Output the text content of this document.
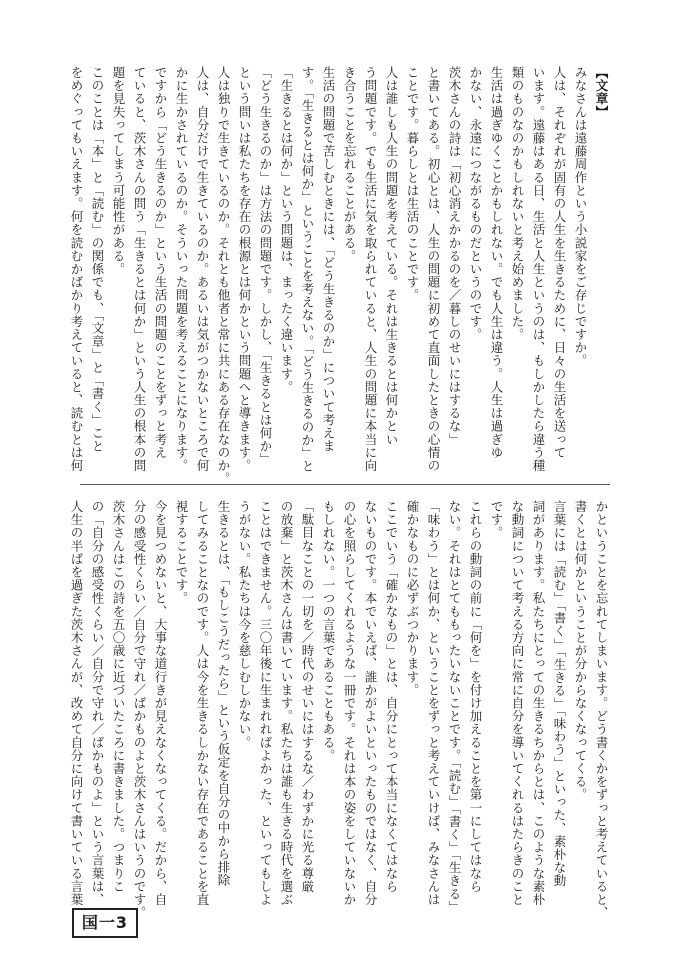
【文章】
みなさんは遠藤周作という小説家をご存じですか。
人は、それぞれが固有の人生を生きるために、日々の生活を送って
います。遠藤はある日、生活と人生というのは、もしかしたら違う種
類のものなのかもしれないと考え始めました。
生活は過ぎゆくことかもしれない。でも人生は違う。人生は過ぎゆ
かない、永遠につながるものだというのです。
茨木さんの詩は「初心消えかかるのを／暮しのせいにはするな」
と書いてある。初心とは、人生の問題に初めて直面したときの心情の
ことです。暮らしとは生活のことです。
人は誰しも人生の問題を考えている。それは生きるとは何かとい
う問題です。でも生活に気を取られていると、人生の問題に本当に向
き合うことを忘れることがある。
生活の問題で苦しむときには、「どう生きるのか」について考えま
す。「生きるとは何か」ということを考えない。「どう生きるのか」と
「生きるとは何か」という問題は、まったく違います。
「どう生きるのか」は方法の問題です。しかし、「生きるとは何か」
という問いは私たちを存在の根源とは何かという問題へと導きます。
人は独りで生きているのか。それとも他者と常に共にある存在なのか。
人は、自分だけで生きているのか。あるいは気がつかないところで何
かに生かされているのか。そういった問題を考えることになります。
ですから「どう生きるのか」という生活の問題のことをずっと考え
ていると、茨木さんの問う「生きるとは何か」という人生の根本の問
題を見失ってしまう可能性がある。
このことは「本」と「読む」の関係でも、「文章」と「書く」こと
をめぐってもいえます。何を読むかばかり考えていると、読むとは何
かということを忘れてしまいます。どう書くかをずっと考えていると、
書くとは何かということが分からなくなってくる。
言葉には「読む」「書く」「生きる」「味わう」といった、素朴な動
詞があります。私たちにとっての生きるちからとは、このような素朴
な動詞について考える方向に常に自分を導いてくれるはたらきのこと
です。
これらの動詞の前に「何を」を付け加えることを第一にしてはなら
ない。それはとてももったいないことです。「読む」「書く」「生きる」
「味わう」とは何か、ということをずっと考えていけば、みなさんは
確かなものに必ずぶつかります。
ここでいう「確かなもの」とは、自分にとって本当になくてはなら
ないものです。本でいえば、誰かがよいといったものではなく、自分
の心を照らしてくれるような一冊です。それは本の姿をしていないか
もしれない。一つの言葉であることもある。
「駄目なことの一切を／時代のせいにはするな／わずかに光る尊厳
の放棄」と茨木さんは書いています。私たちは誰も生きる時代を選ぶ
ことはできません。三〇年後に生まれればよかった、といってもしよ
うがない。私たちは今を慈しむしかない。
生きるとは、「もしこうだったら」という仮定を自分の中から排除
してみることなのです。人は今を生きるしかない存在であることを直
視することです。
今を見つめないと、大事な道行きが見えなくなってくる。だから、自
分の感受性くらい／自分で守れ／ばかものよと茨木さんはいうのです。
茨木さんはこの詩を五〇歳に近づいたころに書きました。つまりこ
の「自分の感受性くらい／自分で守れ／ばかものよ」という言葉は、
人生の半ばを過ぎた茨木さんが、改めて自分に向けて書いている言葉
国一3
